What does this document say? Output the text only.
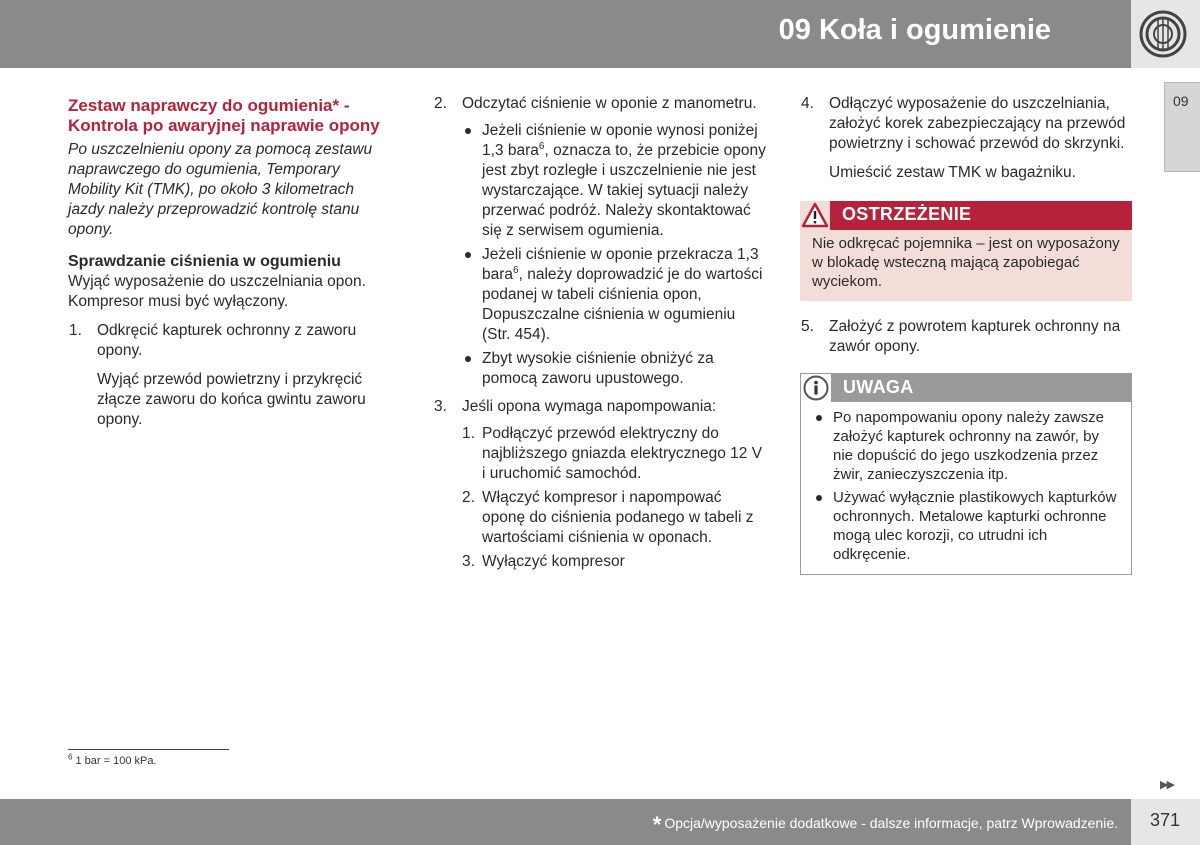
09 Koła i ogumienie
09
Zestaw naprawczy do ogumienia* - Kontrola po awaryjnej naprawie opony
Po uszczelnieniu opony za pomocą zestawu naprawczego do ogumienia, Temporary Mobility Kit (TMK), po około 3 kilometrach jazdy należy przeprowadzić kontrolę stanu opony.
Sprawdzanie ciśnienia w ogumieniu
Wyjąć wyposażenie do uszczelniania opon. Kompresor musi być wyłączony.
1. Odkręcić kapturek ochronny z zaworu opony.
Wyjąć przewód powietrzny i przykręcić złącze zaworu do końca gwintu zaworu opony.
2. Odczytać ciśnienie w oponie z manometru.
Jeżeli ciśnienie w oponie wynosi poniżej 1,3 bara$^6$, oznacza to, że przebicie opony jest zbyt rozległe i uszczelnienie nie jest wystarczające. W takiej sytuacji należy przerwać podróż. Należy skontaktować się z serwisem ogumienia.
Jeżeli ciśnienie w oponie przekracza 1,3 bara$^6$, należy doprowadzić je do wartości podanej w tabeli ciśnienia opon, Dopuszczalne ciśnienia w ogumieniu (Str. 454).
Zbyt wysokie ciśnienie obniżyć za pomocą zaworu upustowego.
3. Jeśli opona wymaga napompowania:
1. Podłączyć przewód elektryczny do najbliższego gniazda elektrycznego 12 V i uruchomić samochód.
2. Włączyć kompresor i napompować oponę do ciśnienia podanego w tabeli z wartościami ciśnienia w oponach.
3. Wyłączyć kompresor
4. Odłączyć wyposażenie do uszczelniania, założyć korek zabezpieczający na przewód powietrzny i schować przewód do skrzynki.
Umieścić zestaw TMK w bagażniku.
OSTRZEŻENIE
Nie odkręcać pojemnika – jest on wyposażony w blokadę wsteczną mającą zapobiegać wyciekom.
5. Założyć z powrotem kapturek ochronny na zawór opony.
UWAGA
Po napompowaniu opony należy zawsze założyć kapturek ochronny na zawór, by nie dopuścić do jego uszkodzenia przez żwir, zanieczyszczenia itp.
Używać wyłącznie plastikowych kapturków ochronnych. Metalowe kapturki ochronne mogą ulec korozji, co utrudni ich odkręcenie.
$^6$ 1 bar = 100 kPa.
▶▶
* Opcja/wyposażenie dodatkowe - dalsze informacje, patrz Wprowadzenie. 371
